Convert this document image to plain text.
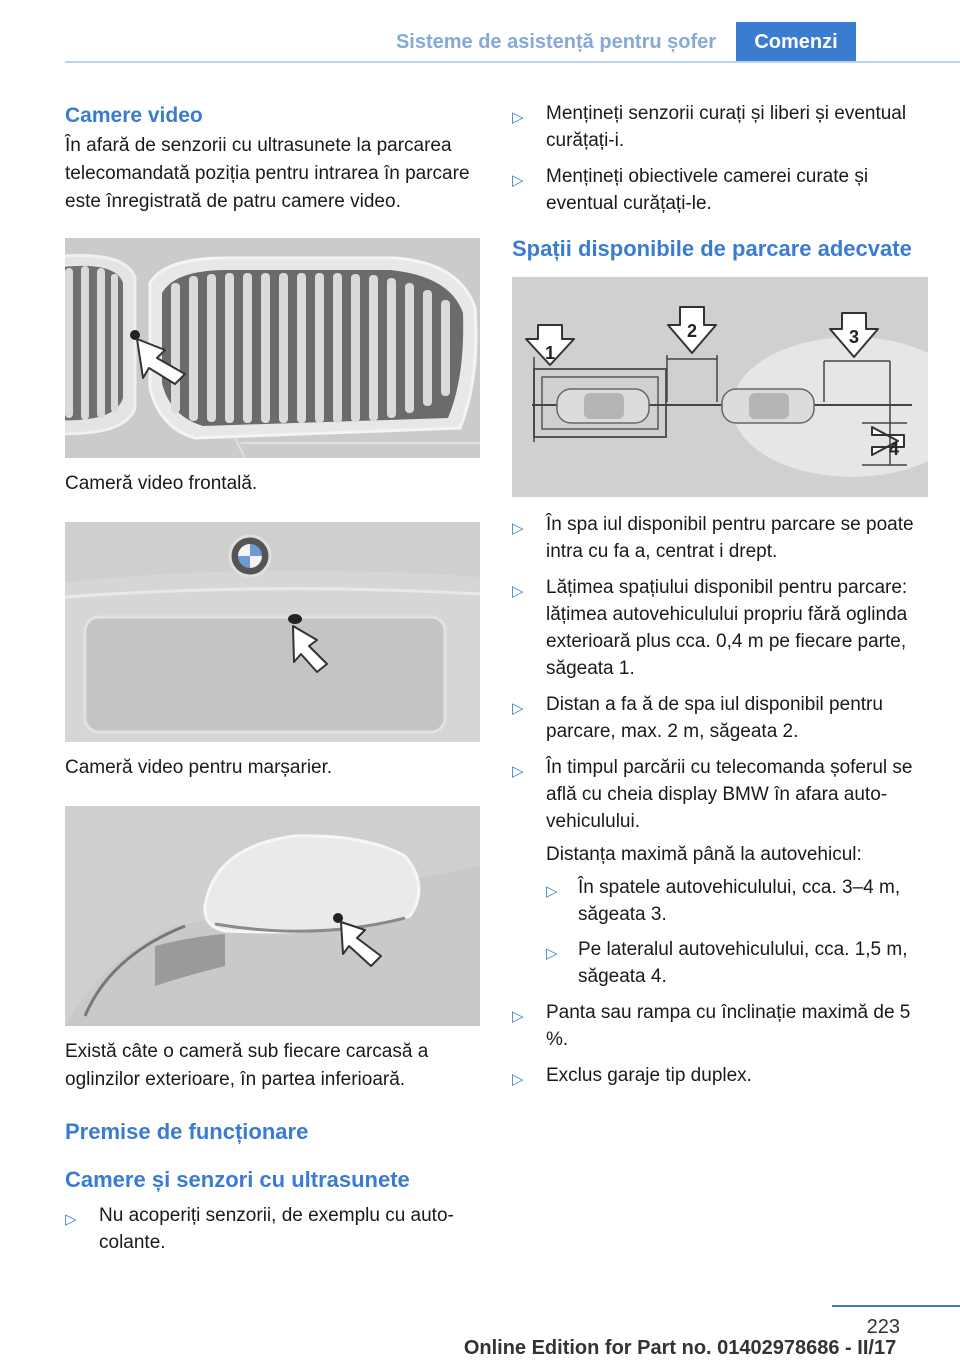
Sisteme de asistență pentru șofer	Comenzi
Camere video

În afară de senzorii cu ultrasunete la parcarea telecomandată poziția pentru intrarea în parcare este înregistrată de patru camere video.

Cameră video frontală.

Cameră video pentru marșarier.

Există câte o cameră sub fiecare carcasă a oglinzilor exterioare, în partea inferioară.

Premise de funcționare
Camere și senzori cu ultrasunete
▷ Nu acoperiți senzorii, de exemplu cu autocolante.
▷ Mențineți senzorii curați și liberi și eventual curățați-i.
▷ Mențineți obiectivele camerei curate și eventual curățați-le.
Spații disponibile de parcare adecvate
1
2	3
4
▷ În spa iul disponibil pentru parcare se poate intra cu fa a, centrat i drept.
▷ Lățimea spațiului disponibil pentru parcare: lățimea autovehiculului propriu fără oglinda exterioară plus cca. 0,4 m pe fiecare parte, săgeata 1.
▷ Distan a fa ă de spa iul disponibil pentru parcare, max. 2 m, săgeata 2.
▷ În timpul parcării cu telecomanda șoferul se află cu cheia display BMW în afara autovehiculului.
Distanța maximă până la autovehicul:
▷ În spatele autovehiculului, cca. 3–4 m, săgeata 3.
▷ Pe lateralul autovehiculului, cca. 1,5 m, săgeata 4.
▷ Panta sau rampa cu înclinație maximă de 5 %.
▷ Exclus garaje tip duplex.
223
Online Edition for Part no. 01402978686 - II/17
